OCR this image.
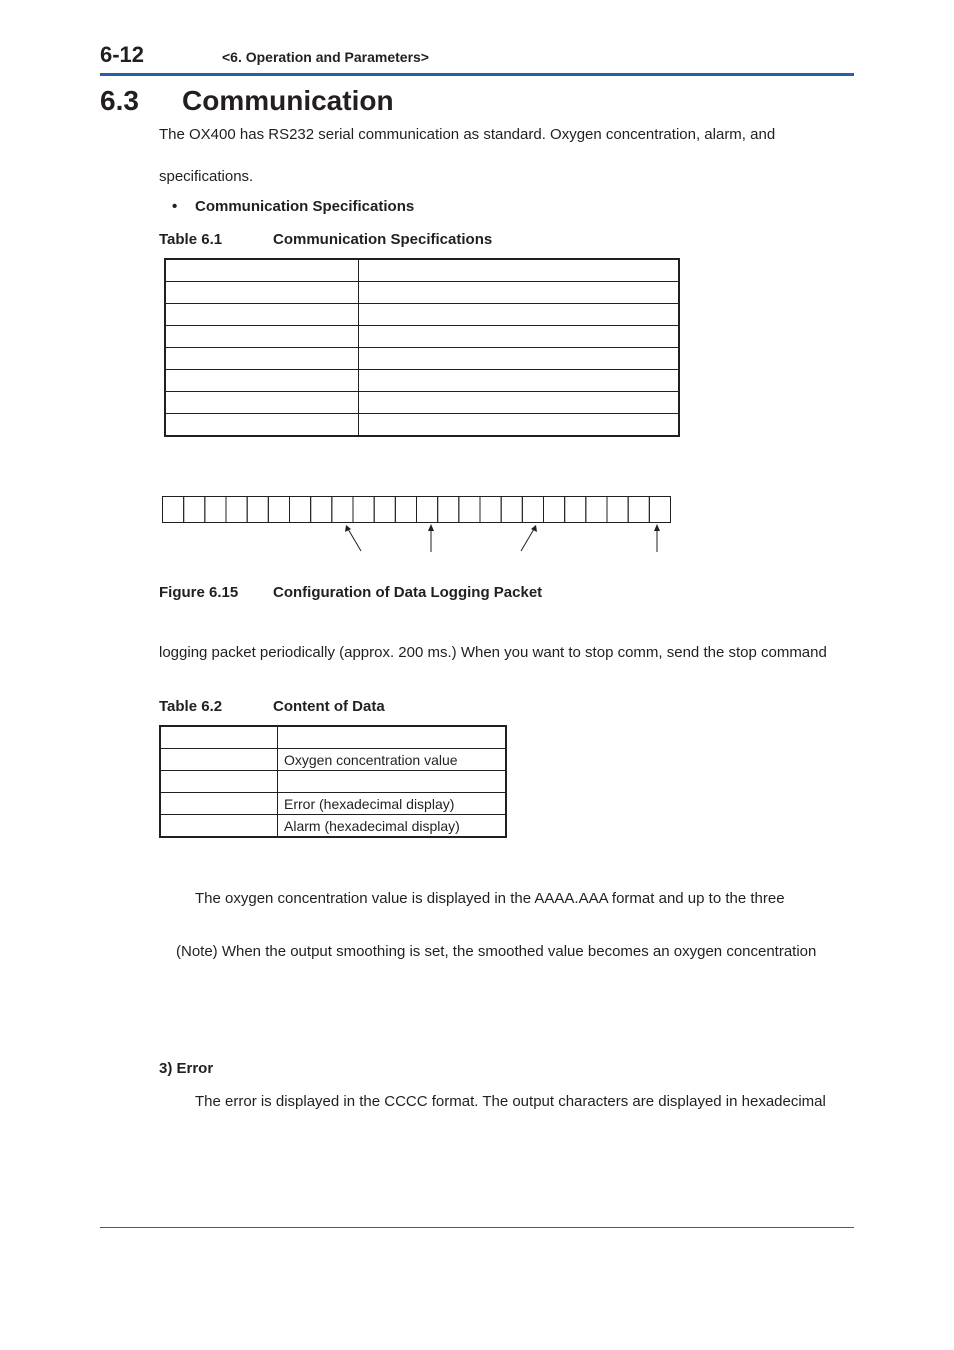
6-12	<6. Operation and Parameters>
6.3 Communication
The OX400 has RS232 serial communication as standard. Oxygen concentration, alarm, and
specifications.
• Communication Specifications
Table 6.1	Communication Specifications

Figure 6.15 Configuration of Data Logging Packet
logging packet periodically (approx. 200 ms.) When you want to stop comm, send the stop command
Table 6.2	Content of Data

	Oxygen concentration value

	Error (hexadecimal display)
	Alarm (hexadecimal display)
The oxygen concentration value is displayed in the AAAA.AAA format and up to the three
(Note) When the output smoothing is set, the smoothed value becomes an oxygen concentration
3) Error
The error is displayed in the CCCC format. The output characters are displayed in hexadecimal
